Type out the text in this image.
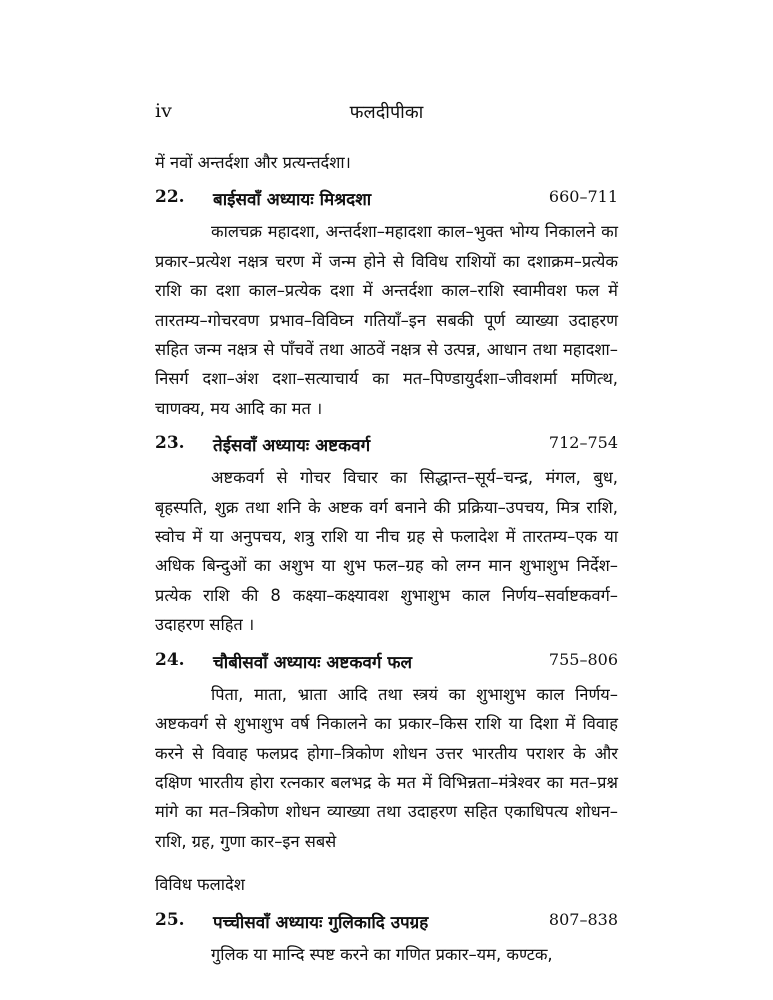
iv	फलदीपीका

में नवों अन्तर्दशा और प्रत्यन्तर्दशा।

22. बाईसवाँ अध्यायः मिश्रदशा	660–711

कालचक्र महादशा, अन्तर्दशा–महादशा काल–भुक्त भोग्य निकालने का प्रकार–प्रत्येश नक्षत्र चरण में जन्म होने से विविध राशियों का दशाक्रम–प्रत्येक राशि का दशा काल–प्रत्येक दशा में अन्तर्दशा काल–राशि स्वामीवश फल में तारतम्य–गोचरवण प्रभाव–विविघ्न गतियाँ–इन सबकी पूर्ण व्याख्या उदाहरण सहित जन्म नक्षत्र से पाँचवें तथा आठवें नक्षत्र से उत्पन्न, आधान तथा महादशा–निसर्ग दशा–अंश दशा–सत्याचार्य का मत–पिण्डायुर्दशा–जीवशर्मा मणित्थ, चाणक्य, मय आदि का मत ।

23. तेईसवाँ अध्यायः अष्टकवर्ग	712–754

अष्टकवर्ग से गोचर विचार का सिद्धान्त–सूर्य–चन्द्र, मंगल, बुध, बृहस्पति, शुक्र तथा शनि के अष्टक वर्ग बनाने की प्रक्रिया–उपचय, मित्र राशि, स्वोच में या अनुपचय, शत्रु राशि या नीच ग्रह से फलादेश में तारतम्य–एक या अधिक बिन्दुओं का अशुभ या शुभ फल–ग्रह को लग्न मान शुभाशुभ निर्देश–प्रत्येक राशि की 8 कक्ष्या–कक्ष्यावश शुभाशुभ काल निर्णय–सर्वाष्टकवर्ग–उदाहरण सहित ।

24. चौबीसवाँ अध्यायः अष्टकवर्ग फल	755–806

पिता, माता, भ्राता आदि तथा स्त्रयं का शुभाशुभ काल निर्णय–अष्टकवर्ग से शुभाशुभ वर्ष निकालने का प्रकार–किस राशि या दिशा में विवाह करने से विवाह फलप्रद होगा–त्रिकोण शोधन उत्तर भारतीय पराशर के और दक्षिण भारतीय होरा रत्नकार बलभद्र के मत में विभिन्नता–मंत्रेश्वर का मत–प्रश्न मांगे का मत–त्रिकोण शोधन व्याख्या तथा उदाहरण सहित एकाधिपत्य शोधन–राशि, ग्रह, गुणा कार–इन सबसे

विविध फलादेश

25. पच्चीसवाँ अध्यायः गुलिकादि उपग्रह	807–838

गुलिक या मान्दि स्पष्ट करने का गणित प्रकार–यम, कण्टक,
